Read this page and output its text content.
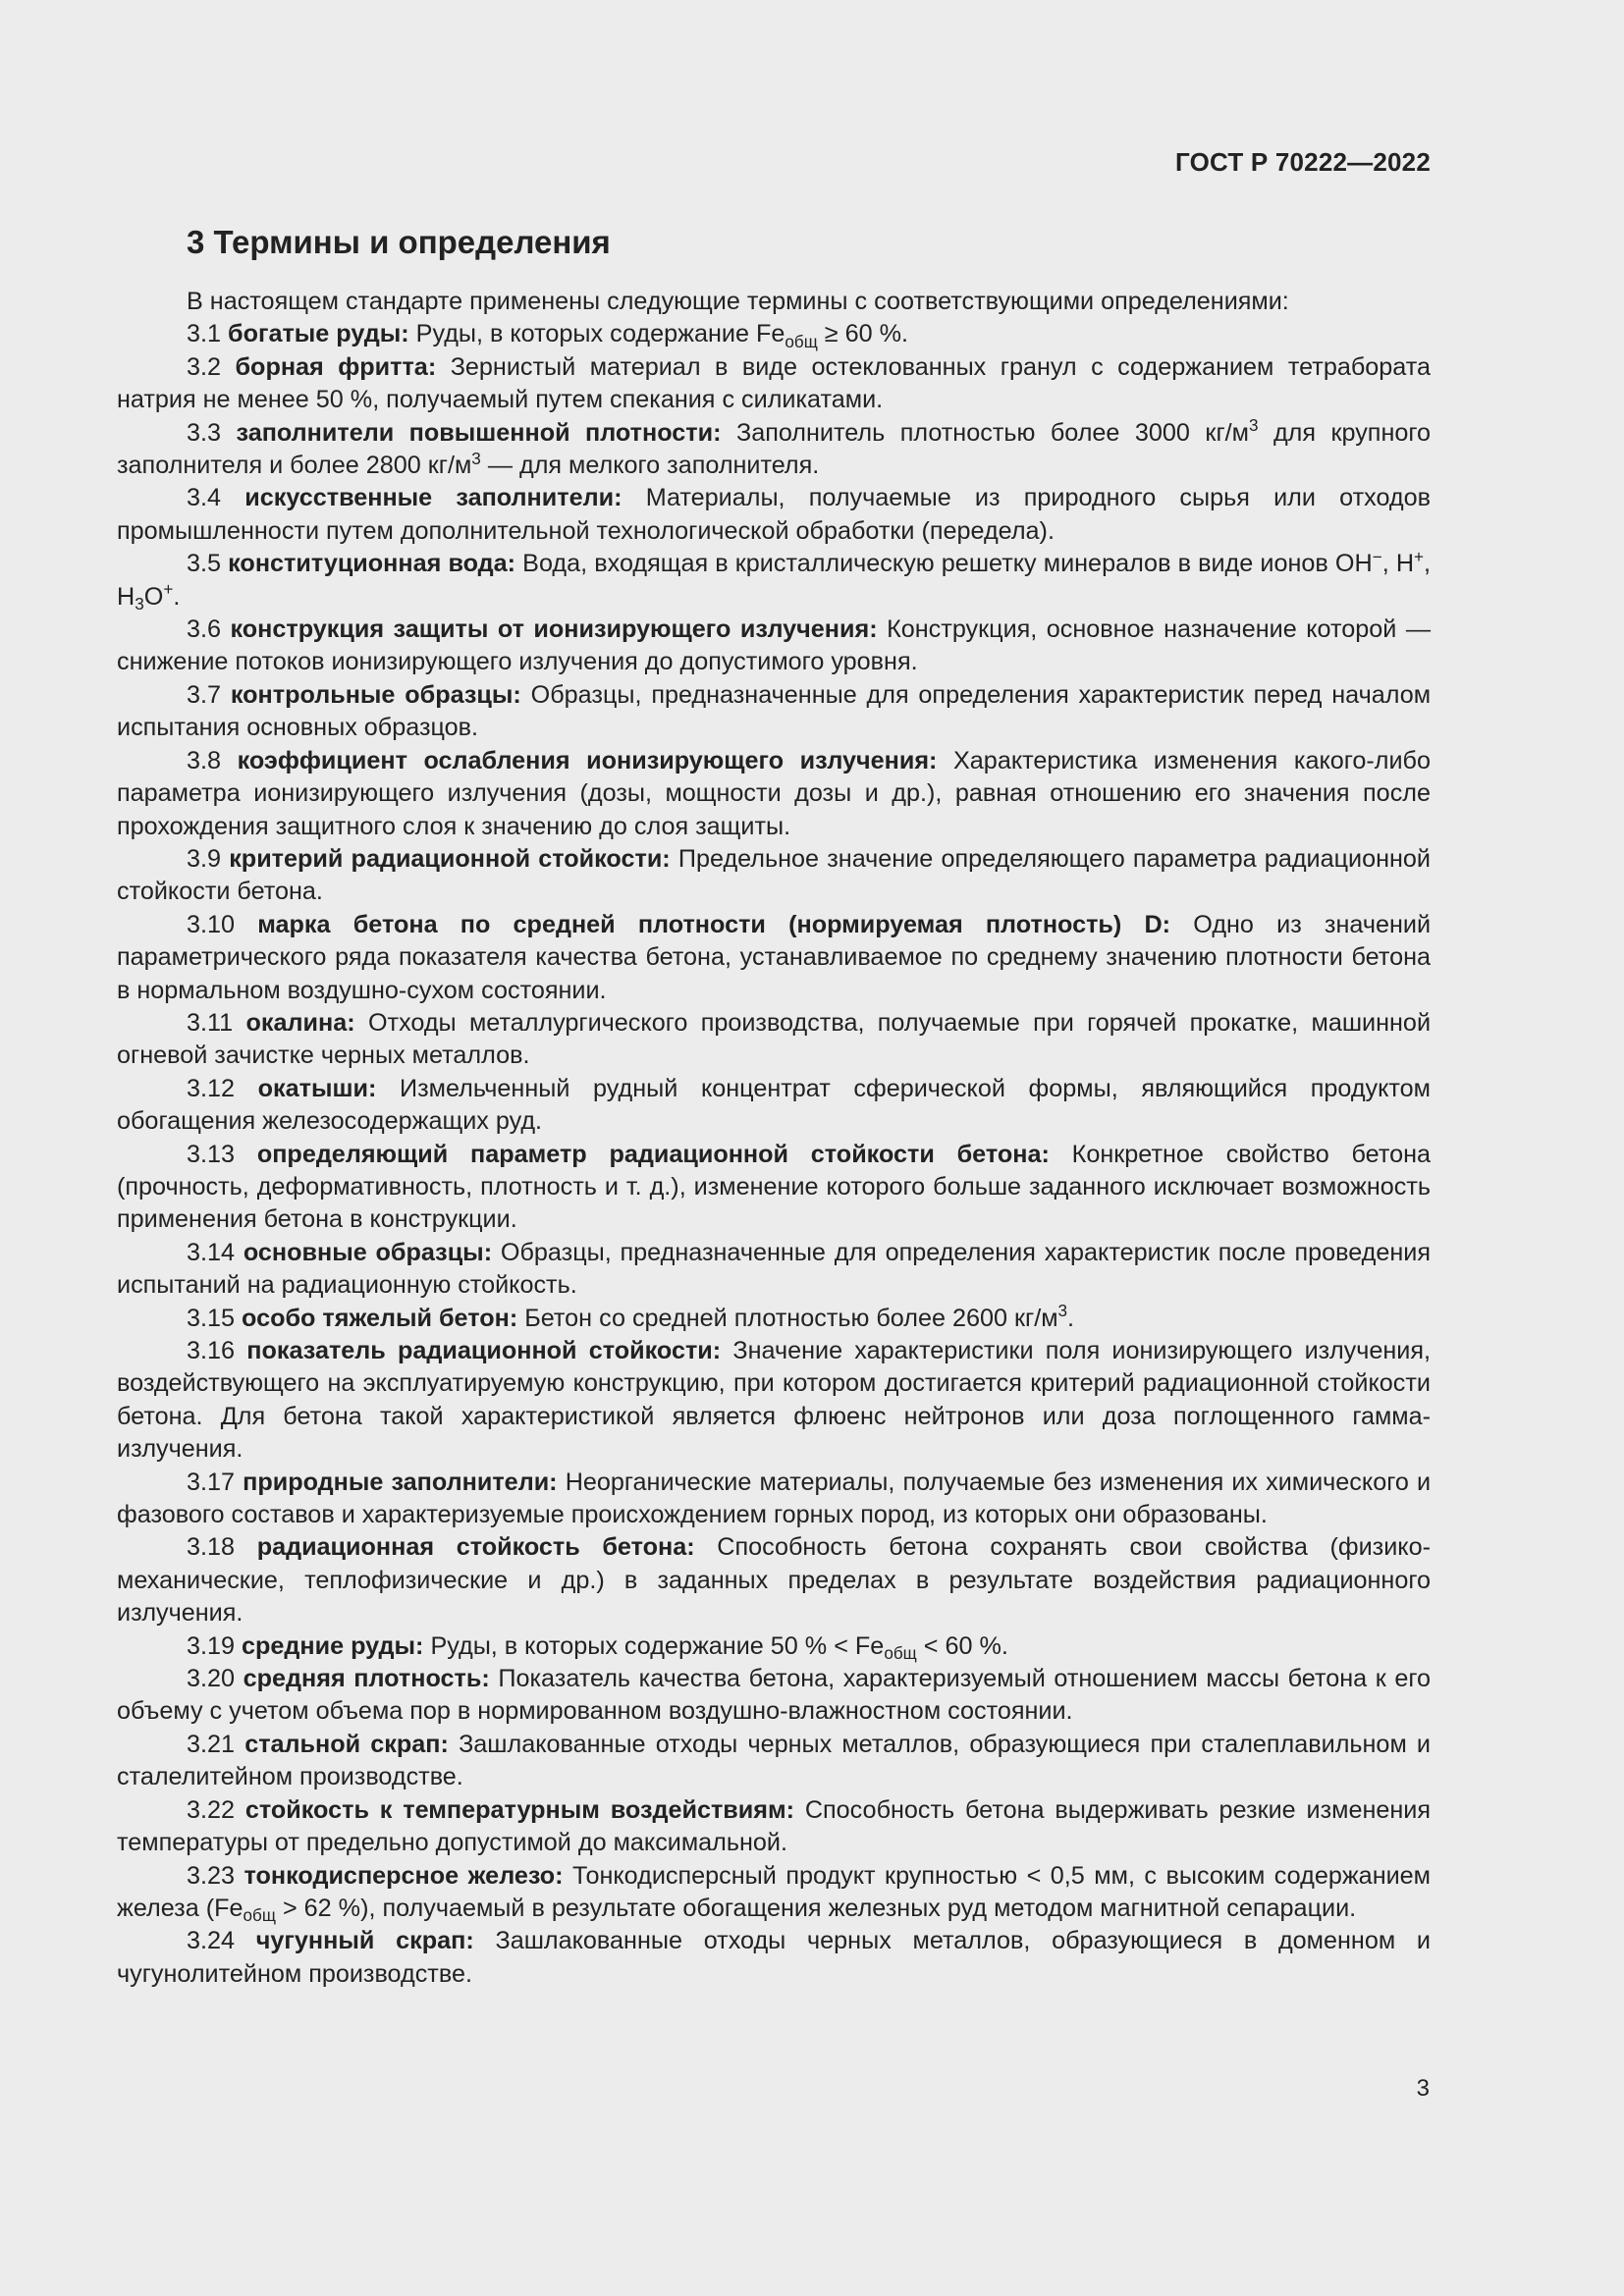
ГОСТ Р 70222—2022
3 Термины и определения

В настоящем стандарте применены следующие термины с соответствующими определениями:

3.1 богатые руды: Руды, в которых содержание $Fe_{общ} \ge 60$ %.

3.2 борная фритта: Зернистый материал в виде остеклованных гранул с содержанием тетрабората натрия не менее 50 %, получаемый путем спекания с силикатами.

3.3 заполнители повышенной плотности: Заполнитель плотностью более 3000 $кг/м^3$ для крупного заполнителя и более 2800 $кг/м^3$ — для мелкого заполнителя.

3.4 искусственные заполнители: Материалы, получаемые из природного сырья или отходов промышленности путем дополнительной технологической обработки (передела).

3.5 конституционная вода: Вода, входящая в кристаллическую решетку минералов в виде ионов OH−, H+, $H_3O^+$.

3.6 конструкция защиты от ионизирующего излучения: Конструкция, основное назначение которой — снижение потоков ионизирующего излучения до допустимого уровня.

3.7 контрольные образцы: Образцы, предназначенные для определения характеристик перед началом испытания основных образцов.

3.8 коэффициент ослабления ионизирующего излучения: Характеристика изменения какого-либо параметра ионизирующего излучения (дозы, мощности дозы и др.), равная отношению его значения после прохождения защитного слоя к значению до слоя защиты.

3.9 критерий радиационной стойкости: Предельное значение определяющего параметра радиационной стойкости бетона.

3.10 марка бетона по средней плотности (нормируемая плотность) D: Одно из значений параметрического ряда показателя качества бетона, устанавливаемое по среднему значению плотности бетона в нормальном воздушно-сухом состоянии.

3.11 окалина: Отходы металлургического производства, получаемые при горячей прокатке, машинной огневой зачистке черных металлов.

3.12 окатыши: Измельченный рудный концентрат сферической формы, являющийся продуктом обогащения железосодержащих руд.

3.13 определяющий параметр радиационной стойкости бетона: Конкретное свойство бетона (прочность, деформативность, плотность и т. д.), изменение которого больше заданного исключает возможность применения бетона в конструкции.

3.14 основные образцы: Образцы, предназначенные для определения характеристик после проведения испытаний на радиационную стойкость.

3.15 особо тяжелый бетон: Бетон со средней плотностью более 2600 $кг/м^3$.

3.16 показатель радиационной стойкости: Значение характеристики поля ионизирующего излучения, воздействующего на эксплуатируемую конструкцию, при котором достигается критерий радиационной стойкости бетона. Для бетона такой характеристикой является флюенс нейтронов или доза поглощенного гамма-излучения.

3.17 природные заполнители: Неорганические материалы, получаемые без изменения их химического и фазового составов и характеризуемые происхождением горных пород, из которых они образованы.

3.18 радиационная стойкость бетона: Способность бетона сохранять свои свойства (физико-механические, теплофизические и др.) в заданных пределах в результате воздействия радиационного излучения.

3.19 средние руды: Руды, в которых содержание 50 % < $Fe_{общ} < 60$ %.

3.20 средняя плотность: Показатель качества бетона, характеризуемый отношением массы бетона к его объему с учетом объема пор в нормированном воздушно-влажностном состоянии.

3.21 стальной скрап: Зашлакованные отходы черных металлов, образующиеся при сталеплавильном и сталелитейном производстве.

3.22 стойкость к температурным воздействиям: Способность бетона выдерживать резкие изменения температуры от предельно допустимой до максимальной.

3.23 тонкодисперсное железо: Тонкодисперсный продукт крупностью < 0,5 мм, с высоким содержанием железа ($Fe_{общ} > 62$ %), получаемый в результате обогащения железных руд методом магнитной сепарации.

3.24 чугунный скрап: Зашлакованные отходы черных металлов, образующиеся в доменном и чугунолитейном производстве.

3
